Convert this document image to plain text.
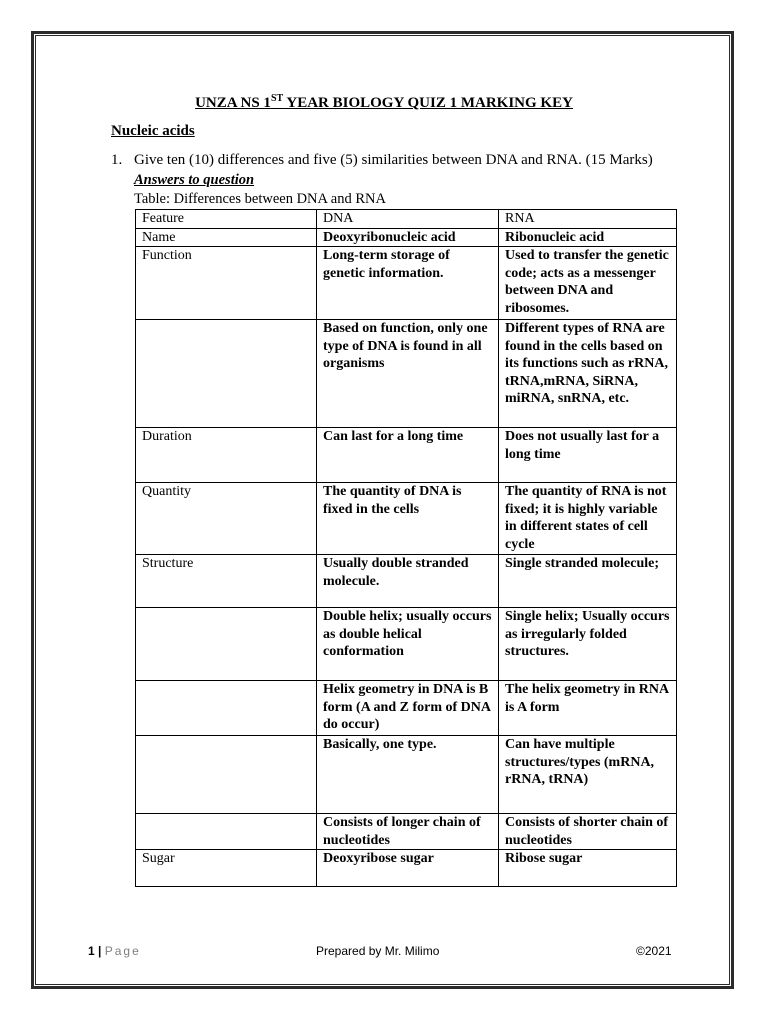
UNZA NS 1ST YEAR BIOLOGY QUIZ 1 MARKING KEY
Nucleic acids
1. Give ten (10) differences and five (5) similarities between DNA and RNA. (15 Marks)
Answers to question
Table: Differences between DNA and RNA
Feature	DNA	RNA
Name	Deoxyribonucleic acid	Ribonucleic acid
Function	Long-term storage of genetic information.	Used to transfer the genetic code; acts as a messenger between DNA and ribosomes.
	Based on function, only one type of DNA is found in all organisms	Different types of RNA are found in the cells based on its functions such as rRNA, tRNA,mRNA, SiRNA, miRNA, snRNA, etc.
Duration	Can last for a long time	Does not usually last for a long time
Quantity	The quantity of DNA is fixed in the cells	The quantity of RNA is not fixed; it is highly variable in different states of cell cycle
Structure	Usually double stranded molecule.	Single stranded molecule;
	Double helix; usually occurs as double helical conformation	Single helix; Usually occurs as irregularly folded structures.
	Helix geometry in DNA is B form (A and Z form of DNA do occur)	The helix geometry in RNA is A form
	Basically, one type.	Can have multiple structures/types (mRNA, rRNA, tRNA)
	Consists of longer chain of nucleotides	Consists of shorter chain of nucleotides
Sugar	Deoxyribose sugar	Ribose sugar
1 | Page	Prepared by Mr. Milimo	©2021
